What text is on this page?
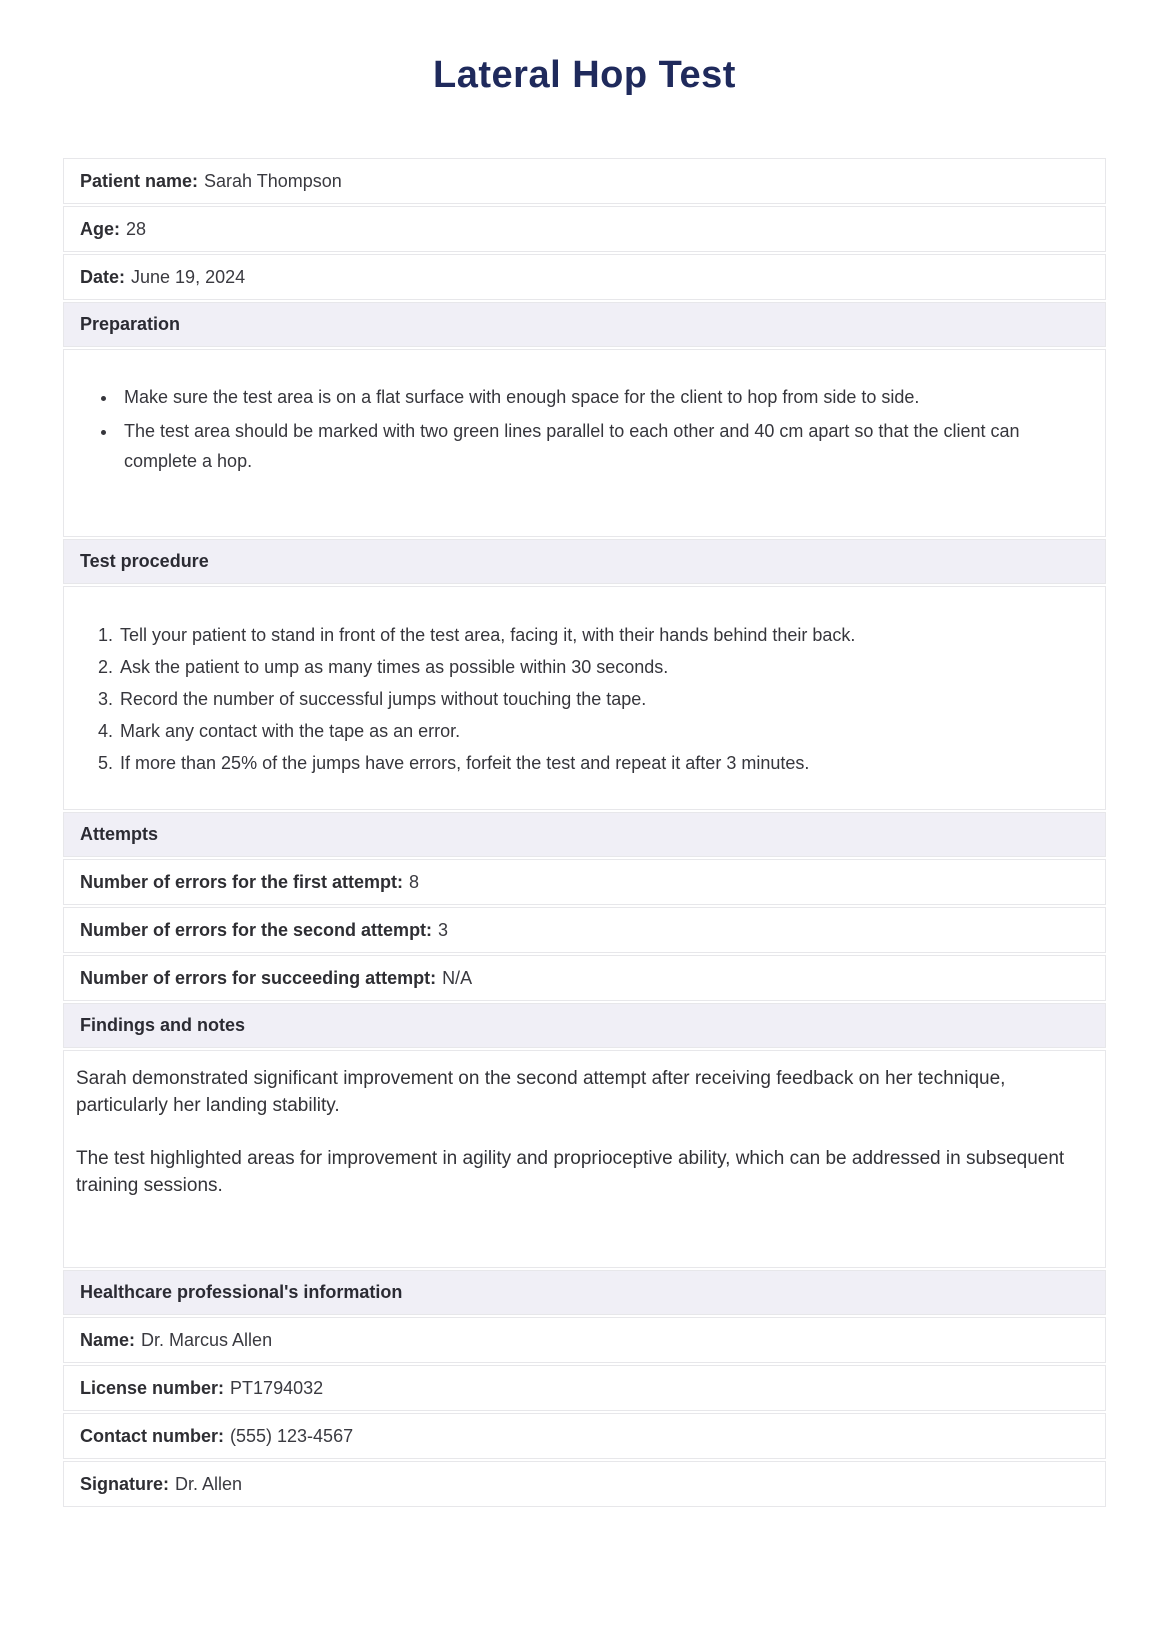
Lateral Hop Test
Patient name: Sarah Thompson
Age: 28
Date: June 19, 2024
Preparation
• Make sure the test area is on a flat surface with enough space for the client to hop from side to side.
• The test area should be marked with two green lines parallel to each other and 40 cm apart so that the client can complete a hop.
Test procedure
1. Tell your patient to stand in front of the test area, facing it, with their hands behind their back.
2. Ask the patient to ump as many times as possible within 30 seconds.
3. Record the number of successful jumps without touching the tape.
4. Mark any contact with the tape as an error.
5. If more than 25% of the jumps have errors, forfeit the test and repeat it after 3 minutes.
Attempts
Number of errors for the first attempt: 8
Number of errors for the second attempt: 3
Number of errors for succeeding attempt: N/A
Findings and notes

Sarah demonstrated significant improvement on the second attempt after receiving feedback on her technique, particularly her landing stability.

The test highlighted areas for improvement in agility and proprioceptive ability, which can be addressed in subsequent training sessions.

Healthcare professional's information
Name: Dr. Marcus Allen
License number: PT1794032
Contact number: (555) 123-4567
Signature: Dr. Allen
